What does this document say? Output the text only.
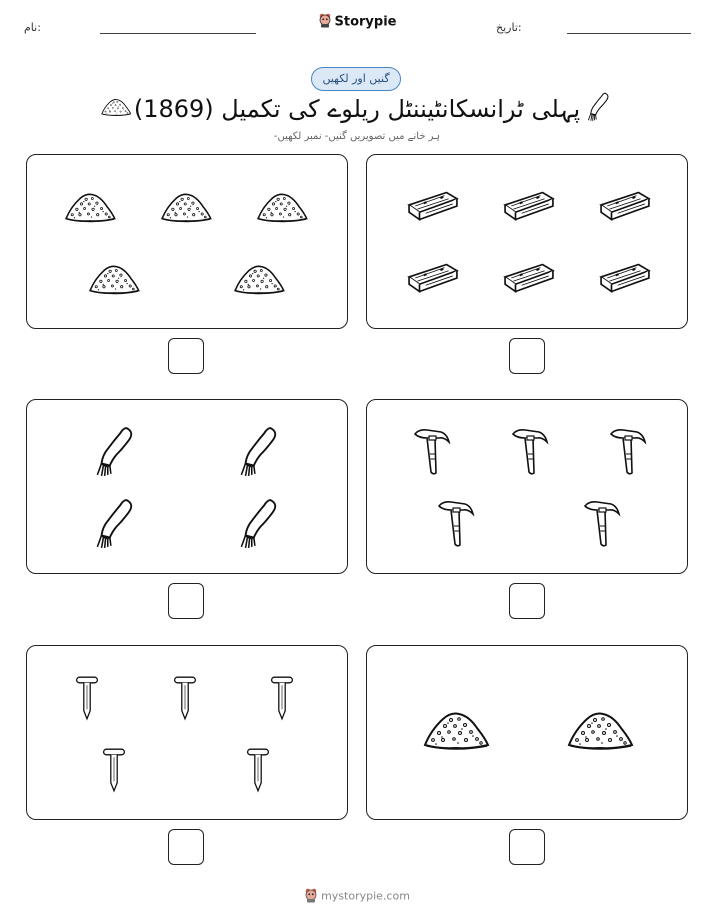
نام:	Storypie	تاریخ:
گنیں اور لکھیں
پہلی ٹرانسکانٹیننٹل ریلوے کی تکمیل (1869)
ہر خانے میں تصویریں گنیں- نمبر لکھیں-
mystorypie.com
